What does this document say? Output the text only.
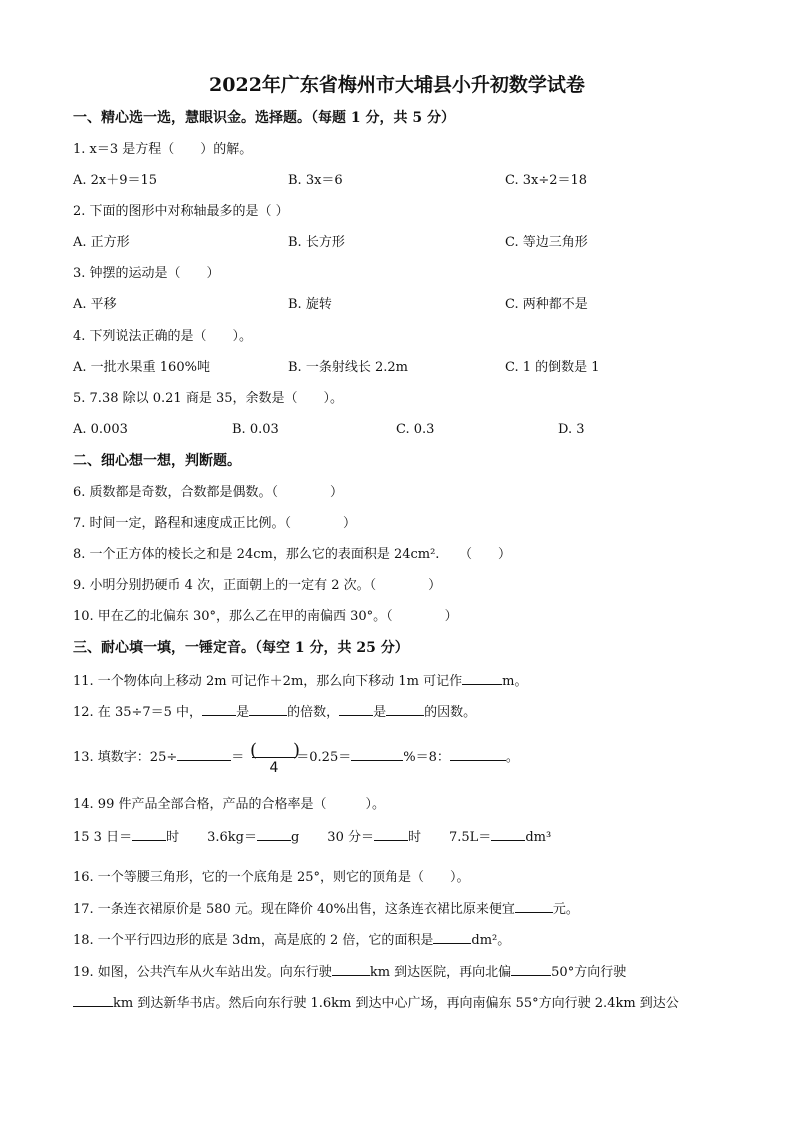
2022年广东省梅州市大埔县小升初数学试卷
一、精心选一选，慧眼识金。选择题。（每题 1 分，共 5 分）
1. x＝3 是方程（　　）的解。
A. 2x＋9＝15	B. 3x＝6	C. 3x÷2＝18
2. 下面的图形中对称轴最多的是（ ）
A. 正方形	B. 长方形	C. 等边三角形
3. 钟摆的运动是（　　）
A. 平移	B. 旋转	C. 两种都不是
4. 下列说法正确的是（　　）。
A. 一批水果重 160%吨	B. 一条射线长 2.2m	C. 1 的倒数是 1
5. 7.38 除以 0.21 商是 35，余数是（　　）。
A. 0.003	B. 0.03	C. 0.3	D. 3
二、细心想一想，判断题。
6. 质数都是奇数，合数都是偶数。（　　　　）
7. 时间一定，路程和速度成正比例。（　　　　）
8. 一个正方体的棱长之和是 24cm，那么它的表面积是 24cm².　　（　　）
9. 小明分别扔硬币 4 次，正面朝上的一定有 2 次。（　　　　）
10. 甲在乙的北偏东 30°，那么乙在甲的南偏西 30°。（　　　　）
三、耐心填一填，一锤定音。（每空 1 分，共 25 分）
11. 一个物体向上移动 2m 可记作＋2m，那么向下移动 1m 可记作	m。
12. 在 35÷7＝5 中，	是	的倍数，	是	的因数。
13. 填数字：25÷	＝	＝0.25＝	%＝8：	。
(　　)
4
14. 99 件产品全部合格，产品的合格率是（　　　）。
15 3 日＝	时 3.6kg＝	g 30 分＝	时 7.5L＝	dm³
16. 一个等腰三角形，它的一个底角是 25°，则它的顶角是（　　）。
17. 一条连衣裙原价是 580 元。现在降价 40%出售，这条连衣裙比原来便宜	元。
18. 一个平行四边形的底是 3dm，高是底的 2 倍，它的面积是	dm²。
19. 如图，公共汽车从火车站出发。向东行驶	km 到达医院，再向北偏	50°方向行驶
km 到达新华书店。然后向东行驶 1.6km 到达中心广场，再向南偏东 55°方向行驶 2.4km 到达公
